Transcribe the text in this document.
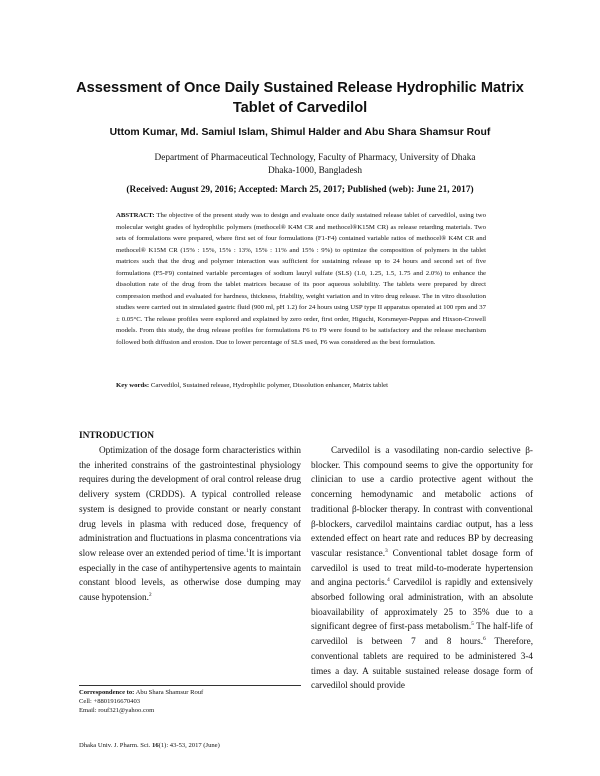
Assessment of Once Daily Sustained Release Hydrophilic Matrix Tablet of Carvedilol
Uttom Kumar, Md. Samiul Islam, Shimul Halder and Abu Shara Shamsur Rouf
Department of Pharmaceutical Technology, Faculty of Pharmacy, University of Dhaka
Dhaka-1000, Bangladesh
(Received: August 29, 2016; Accepted: March 25, 2017; Published (web): June 21, 2017)
ABSTRACT: The objective of the present study was to design and evaluate once daily sustained release tablet of carvedilol, using two molecular weight grades of hydrophilic polymers (methocel® K4M CR and methocel®K15M CR) as release retarding materials. Two sets of formulations were prepared, where first set of four formulations (F1-F4) contained variable ratios of methocel® K4M CR and methocel® K15M CR (15% : 15%, 15% : 13%, 15% : 11% and 15% : 9%) to optimize the composition of polymers in the tablet matrices such that the drug and polymer interaction was sufficient for sustaining release up to 24 hours and second set of five formulations (F5-F9) contained variable percentages of sodium lauryl sulfate (SLS) (1.0, 1.25, 1.5, 1.75 and 2.0%) to enhance the dissolution rate of the drug from the tablet matrices because of its poor aqueous solubility. The tablets were prepared by direct compression method and evaluated for hardness, thickness, friability, weight variation and in vitro drug release. The in vitro dissolution studies were carried out in simulated gastric fluid (900 ml, pH 1.2) for 24 hours using USP type II apparatus operated at 100 rpm and 37 ± 0.05°C. The release profiles were explored and explained by zero order, first order, Higuchi, Korsmeyer-Peppas and Hixson-Crowell models. From this study, the drug release profiles for formulations F6 to F9 were found to be satisfactory and the release mechanism followed both diffusion and erosion. Due to lower percentage of SLS used, F6 was considered as the best formulation.
Key words: Carvedilol, Sustained release, Hydrophilic polymer, Dissolution enhancer, Matrix tablet
INTRODUCTION

Optimization of the dosage form characteristics within the inherited constrains of the gastrointestinal physiology requires during the development of oral control release drug delivery system (CRDDS). A typical controlled release system is designed to provide constant or nearly constant drug levels in plasma with reduced dose, frequency of administration and fluctuations in plasma concentrations via slow release over an extended period of time.$^1$It is important especially in the case of antihypertensive agents to maintain constant blood levels, as otherwise dose dumping may cause hypotension.$^2$

Carvedilol is a vasodilating non-cardio selective β-blocker. This compound seems to give the opportunity for clinician to use a cardio protective agent without the concerning hemodynamic and metabolic actions of traditional β-blocker therapy. In contrast with conventional β-blockers, carvedilol maintains cardiac output, has a less extended effect on heart rate and reduces BP by decreasing vascular resistance.$^3$ Conventional tablet dosage form of carvedilol is used to treat mild-to-moderate hypertension and angina pectoris.$^4$ Carvedilol is rapidly and extensively absorbed following oral administration, with an absolute bioavailability of approximately 25 to 35% due to a significant degree of first-pass metabolism.$^5$ The half-life of carvedilol is between 7 and 8 hours.$^6$ Therefore, conventional tablets are required to be administered 3-4 times a day. A suitable sustained release dosage form of carvedilol should provide

Correspondence to: Abu Shara Shamsur Rouf
Cell: +8801916670403
Email: rouf321@yahoo.com
Dhaka Univ. J. Pharm. Sci. 16(1): 43-53, 2017 (June)
